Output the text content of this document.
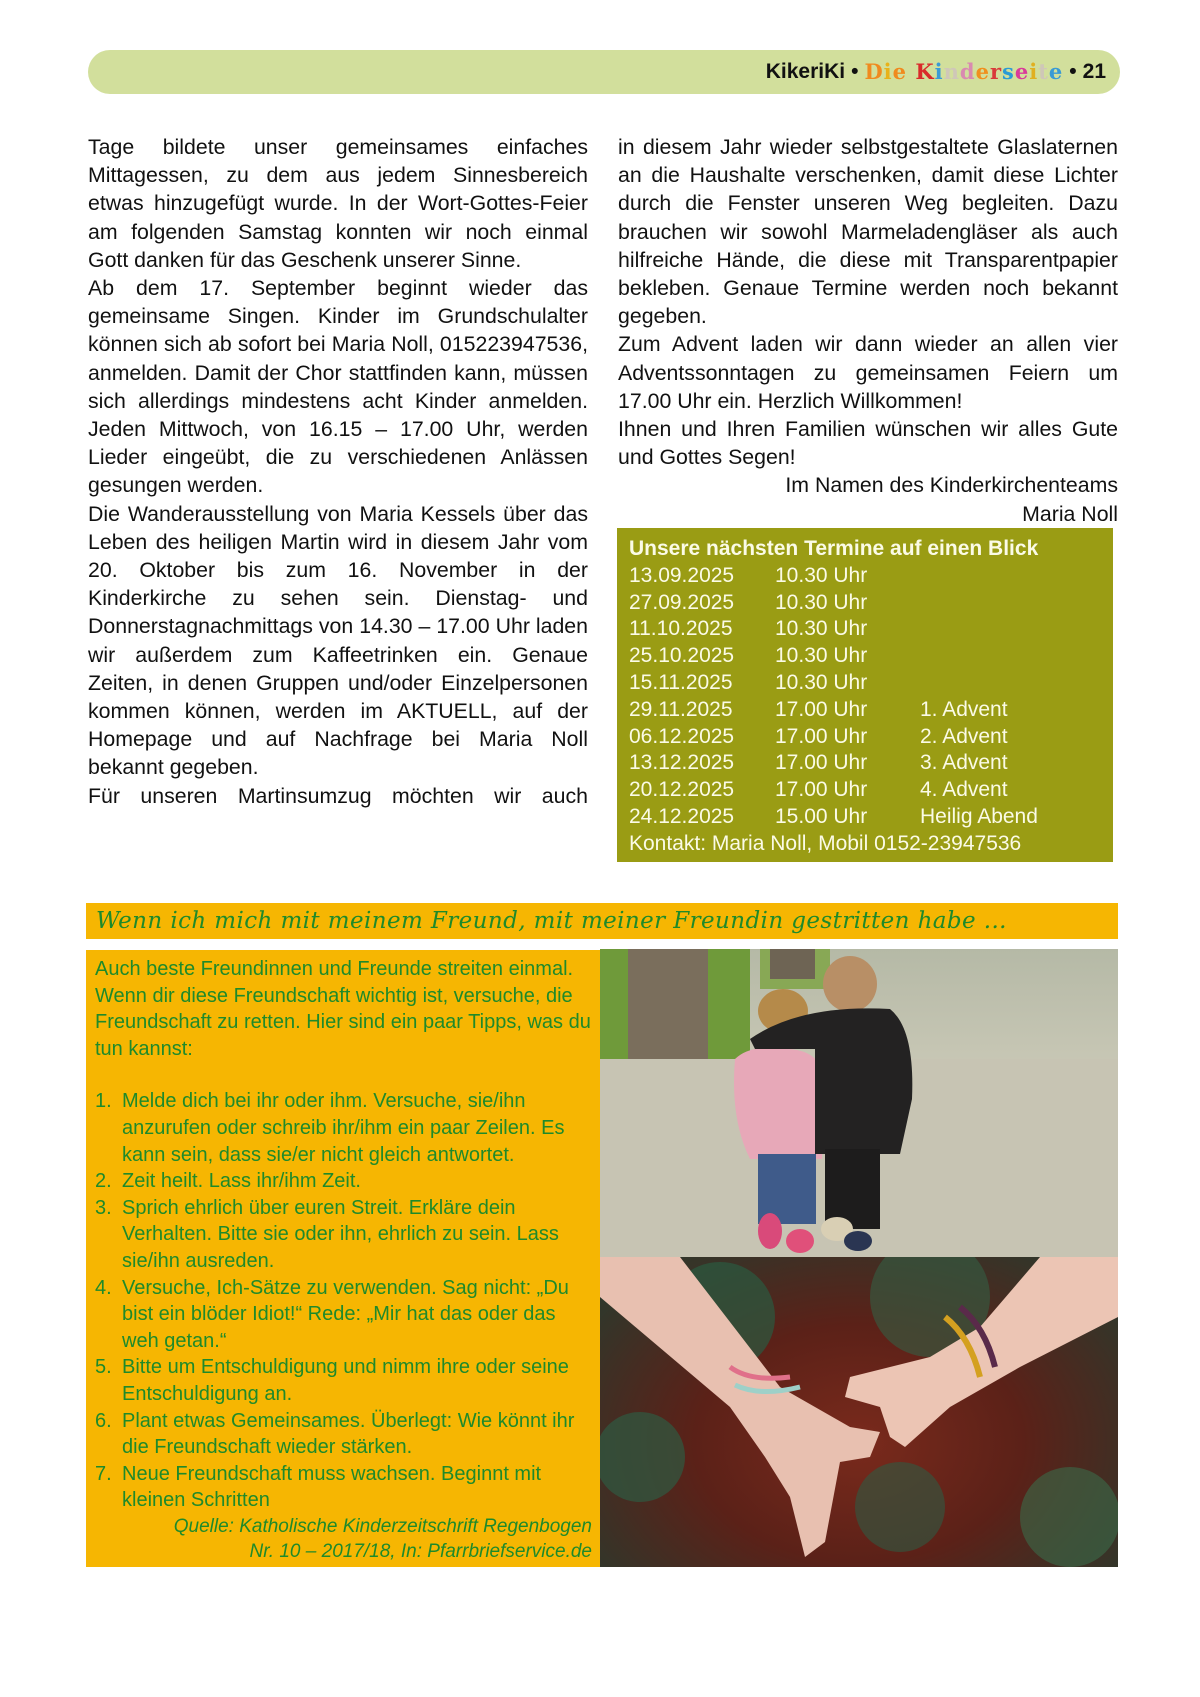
KikeriKi • Die Kinderseite • 21

Tage bildete unser gemeinsames einfaches Mittagessen, zu dem aus jedem Sinnesbereich etwas hinzugefügt wurde. In der Wort-Gottes-Feier am folgenden Samstag konnten wir noch einmal Gott danken für das Geschenk unserer Sinne.

Ab dem 17. September beginnt wieder das gemeinsame Singen. Kinder im Grundschulalter können sich ab sofort bei Maria Noll, 015223947536, anmelden. Damit der Chor stattfinden kann, müssen sich allerdings mindestens acht Kinder anmelden. Jeden Mittwoch, von 16.15 – 17.00 Uhr, werden Lieder eingeübt, die zu verschiedenen Anlässen gesungen werden.

Die Wanderausstellung von Maria Kessels über das Leben des heiligen Martin wird in diesem Jahr vom 20. Oktober bis zum 16. November in der Kinderkirche zu sehen sein. Dienstag- und Donnerstagnachmittags von 14.30 – 17.00 Uhr laden wir außerdem zum Kaffeetrinken ein. Genaue Zeiten, in denen Gruppen und/oder Einzelpersonen kommen können, werden im AKTUELL, auf der Homepage und auf Nachfrage bei Maria Noll bekannt gegeben.

Für unseren Martinsumzug möchten wir auch

in diesem Jahr wieder selbstgestaltete Glaslaternen an die Haushalte verschenken, damit diese Lichter durch die Fenster unseren Weg begleiten. Dazu brauchen wir sowohl Marmeladengläser als auch hilfreiche Hände, die diese mit Transparentpapier bekleben. Genaue Termine werden noch bekannt gegeben.

Zum Advent laden wir dann wieder an allen vier Adventssonntagen zu gemeinsamen Feiern um 17.00 Uhr ein. Herzlich Willkommen!

Ihnen und Ihren Familien wünschen wir alles Gute und Gottes Segen!

Im Namen des Kinderkirchenteams

Maria Noll

Unsere nächsten Termine auf einen Blick
13.09.2025	10.30 Uhr
27.09.2025	10.30 Uhr
11.10.2025	10.30 Uhr
25.10.2025	10.30 Uhr
15.11.2025	10.30 Uhr
29.11.2025	17.00 Uhr	1. Advent
06.12.2025	17.00 Uhr	2. Advent
13.12.2025	17.00 Uhr	3. Advent
20.12.2025	17.00 Uhr	4. Advent
24.12.2025	15.00 Uhr	Heilig Abend
Kontakt: Maria Noll, Mobil 0152-23947536
Wenn ich mich mit meinem Freund, mit meiner Freundin gestritten habe ...

Auch beste Freundinnen und Freunde streiten einmal. Wenn dir diese Freundschaft wichtig ist, versuche, die Freundschaft zu retten. Hier sind ein paar Tipps, was du tun kannst:

1. Melde dich bei ihr oder ihm. Versuche, sie/ihn anzurufen oder schreib ihr/ihm ein paar Zeilen. Es kann sein, dass sie/er nicht gleich antwortet.
2. Zeit heilt. Lass ihr/ihm Zeit.
3. Sprich ehrlich über euren Streit. Erkläre dein Verhalten. Bitte sie oder ihn, ehrlich zu sein. Lass sie/ihn ausreden.
4. Versuche, Ich-Sätze zu verwenden. Sag nicht: „Du bist ein blöder Idiot!“ Rede: „Mir hat das oder das weh getan.“
5. Bitte um Entschuldigung und nimm ihre oder seine Entschuldigung an.
6. Plant etwas Gemeinsames. Überlegt: Wie könnt ihr die Freundschaft wieder stärken.
7. Neue Freundschaft muss wachsen. Beginnt mit kleinen Schritten
Quelle: Katholische Kinderzeitschrift Regenbogen
Nr. 10 – 2017/18, In: Pfarrbriefservice.de
